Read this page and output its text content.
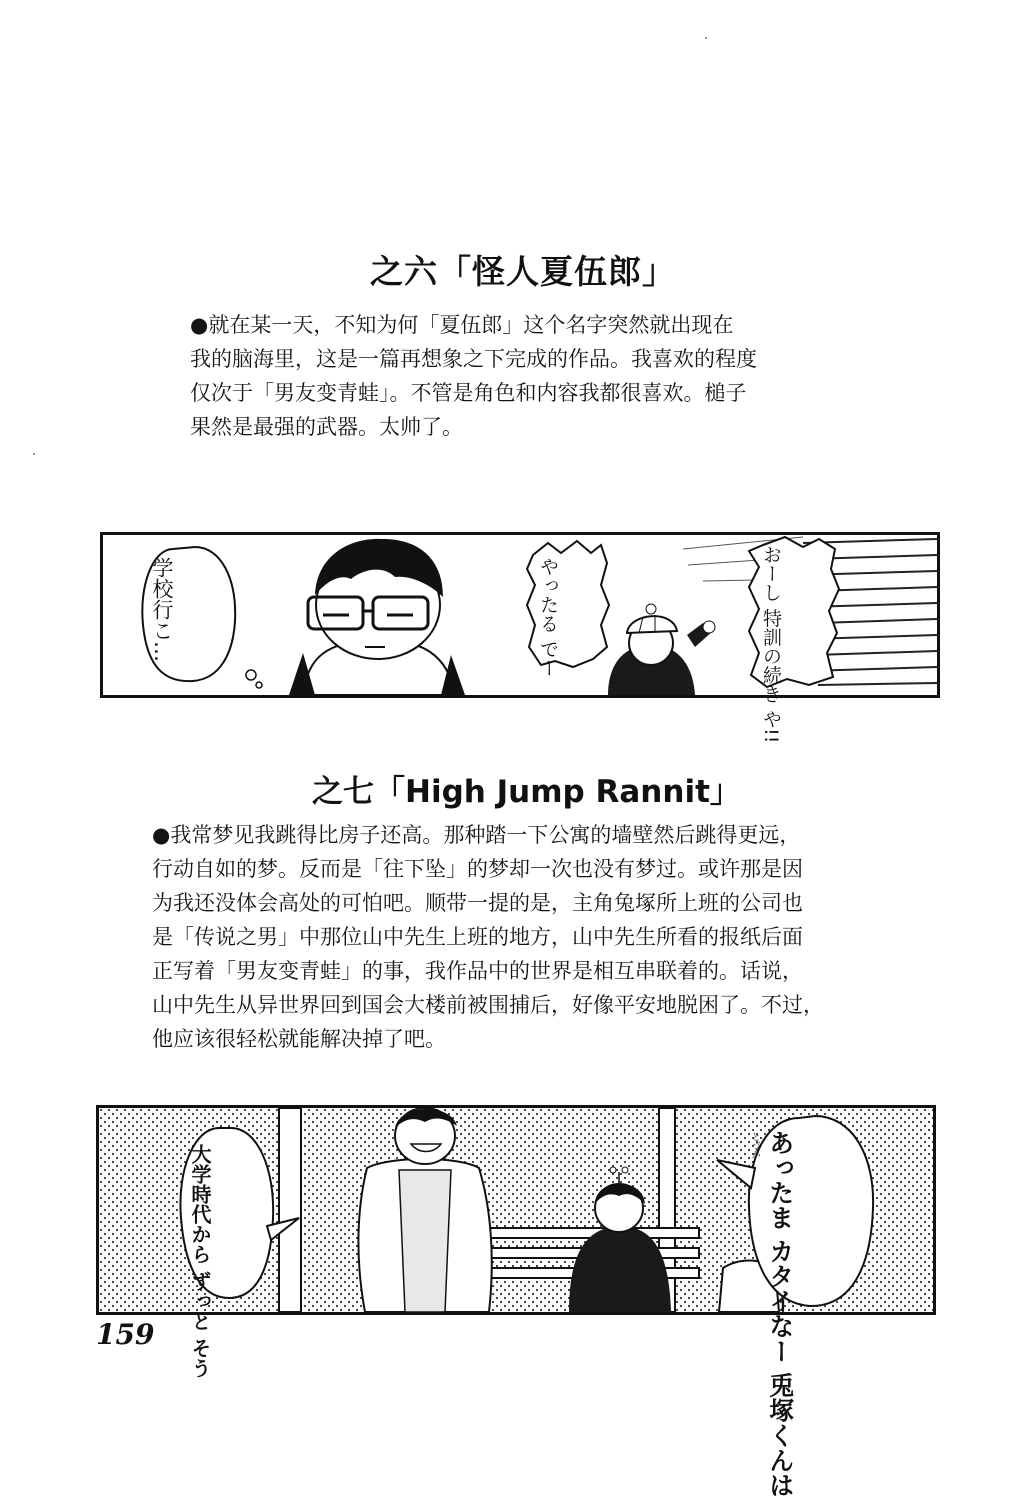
之六「怪人夏伍郎」

●就在某一天，不知为何「夏伍郎」这个名字突然就出现在
我的脑海里，这是一篇再想象之下完成的作品。我喜欢的程度
仅次于「男友变青蛙」。不管是角色和内容我都很喜欢。槌子
果然是最强的武器。太帅了。

学校行こ…	やったる でー
おーし 特訓の続き や!!
之七「High Jump Rannit」

●我常梦见我跳得比房子还高。那种踏一下公寓的墙壁然后跳得更远，
行动自如的梦。反而是「往下坠」的梦却一次也没有梦过。或许那是因
为我还没体会高处的可怕吧。顺带一提的是，主角兔塚所上班的公司也
是「传说之男」中那位山中先生上班的地方，山中先生所看的报纸后面
正写着「男友变青蛙」的事，我作品中的世界是相互串联着的。话说，
山中先生从异世界回到国会大楼前被围捕后，好像平安地脱困了。不过，
他应该很轻松就能解决掉了吧。

大学時代から ずっと そう
あったま カタイなー 兎塚くんは
とづか

159
